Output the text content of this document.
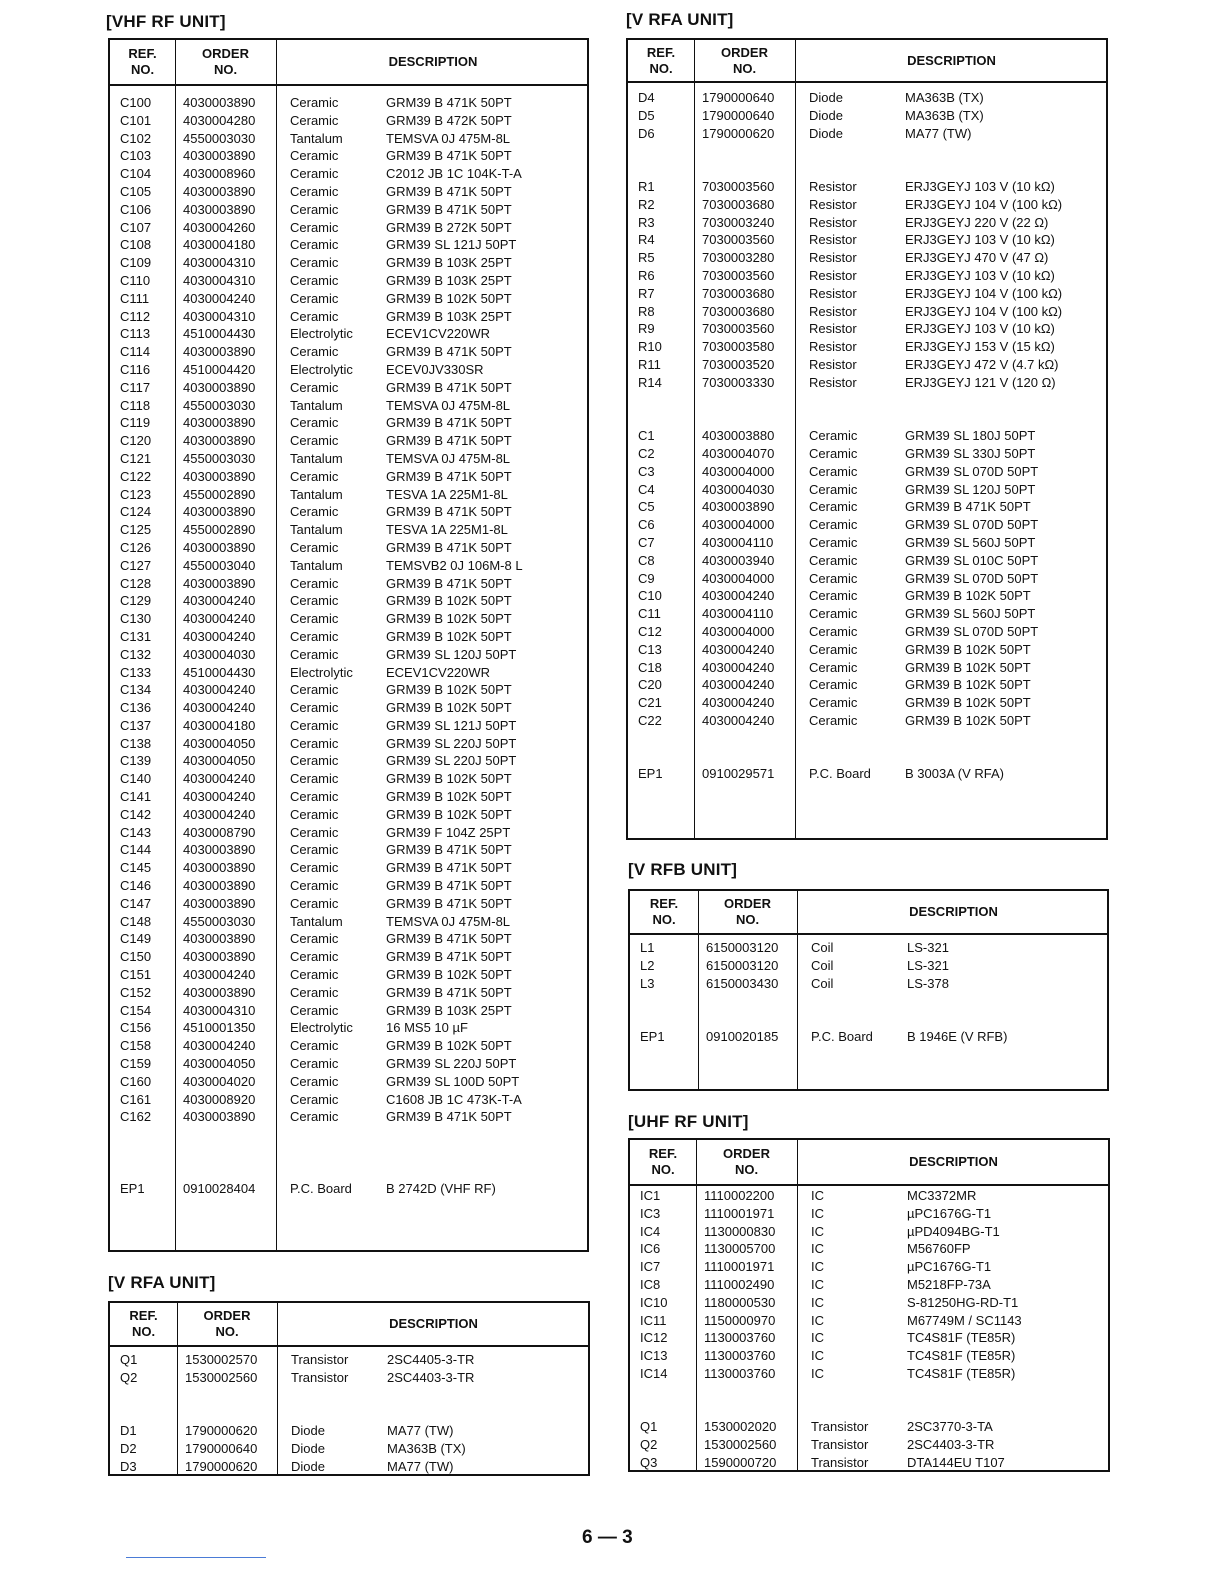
[VHF RF UNIT]	[V RFA UNIT]
[V RFA UNIT]
[V RFB UNIT]
[UHF RF UNIT]
REF.
NO.
ORDER
NO.
DESCRIPTION
C100 4030003890	Ceramic	GRM39 B 471K 50PT
C101 4030004280	Ceramic	GRM39 B 472K 50PT
C102 4550003030	Tantalum	TEMSVA 0J 475M-8L
C103 4030003890	Ceramic	GRM39 B 471K 50PT
C104 4030008960	Ceramic	C2012 JB 1C 104K-T-A
C105 4030003890	Ceramic	GRM39 B 471K 50PT
C106 4030003890	Ceramic	GRM39 B 471K 50PT
C107 4030004260	Ceramic	GRM39 B 272K 50PT
C108 4030004180	Ceramic	GRM39 SL 121J 50PT
C109 4030004310	Ceramic	GRM39 B 103K 25PT
C110	4030004310	Ceramic	GRM39 B 103K 25PT
C111	4030004240	Ceramic	GRM39 B 102K 50PT
C112	4030004310	Ceramic	GRM39 B 103K 25PT
C113	4510004430	Electrolytic	ECEV1CV220WR
C114	4030003890	Ceramic	GRM39 B 471K 50PT
C116	4510004420	Electrolytic	ECEV0JV330SR
C117	4030003890	Ceramic	GRM39 B 471K 50PT
C118	4550003030	Tantalum	TEMSVA 0J 475M-8L
C119	4030003890	Ceramic	GRM39 B 471K 50PT
C120 4030003890	Ceramic	GRM39 B 471K 50PT
C121 4550003030	Tantalum	TEMSVA 0J 475M-8L
C122 4030003890	Ceramic	GRM39 B 471K 50PT
C123 4550002890	Tantalum	TESVA 1A 225M1-8L
C124 4030003890	Ceramic	GRM39 B 471K 50PT
C125 4550002890	Tantalum	TESVA 1A 225M1-8L
C126 4030003890	Ceramic	GRM39 B 471K 50PT
C127 4550003040	Tantalum	TEMSVB2 0J 106M-8 L
C128 4030003890	Ceramic	GRM39 B 471K 50PT
C129 4030004240	Ceramic	GRM39 B 102K 50PT
C130 4030004240	Ceramic	GRM39 B 102K 50PT
C131 4030004240	Ceramic	GRM39 B 102K 50PT
C132 4030004030	Ceramic	GRM39 SL 120J 50PT
C133 4510004430	Electrolytic	ECEV1CV220WR
C134 4030004240	Ceramic	GRM39 B 102K 50PT
C136 4030004240	Ceramic	GRM39 B 102K 50PT
C137 4030004180	Ceramic	GRM39 SL 121J 50PT
C138 4030004050	Ceramic	GRM39 SL 220J 50PT
C139 4030004050	Ceramic	GRM39 SL 220J 50PT
C140 4030004240	Ceramic	GRM39 B 102K 50PT
C141 4030004240	Ceramic	GRM39 B 102K 50PT
C142 4030004240	Ceramic	GRM39 B 102K 50PT
C143 4030008790	Ceramic	GRM39 F 104Z 25PT
C144 4030003890	Ceramic	GRM39 B 471K 50PT
C145 4030003890	Ceramic	GRM39 B 471K 50PT
C146 4030003890	Ceramic	GRM39 B 471K 50PT
C147 4030003890	Ceramic	GRM39 B 471K 50PT
C148 4550003030	Tantalum	TEMSVA 0J 475M-8L
C149 4030003890	Ceramic	GRM39 B 471K 50PT
C150 4030003890	Ceramic	GRM39 B 471K 50PT
C151 4030004240	Ceramic	GRM39 B 102K 50PT
C152 4030003890	Ceramic	GRM39 B 471K 50PT
C154 4030004310	Ceramic	GRM39 B 103K 25PT
C156 4510001350	Electrolytic	16 MS5 10 µF
C158 4030004240	Ceramic	GRM39 B 102K 50PT
C159 4030004050	Ceramic	GRM39 SL 220J 50PT
C160 4030004020	Ceramic	GRM39 SL 100D 50PT
C161 4030008920	Ceramic	C1608 JB 1C 473K-T-A
C162 4030003890	Ceramic	GRM39 B 471K 50PT
EP1	0910028404	P.C. Board	B 2742D (VHF RF)
REF.
NO.
ORDER
NO.
DESCRIPTION
D4	1790000640	Diode	MA363B (TX)
D5	1790000640	Diode	MA363B (TX)
D6	1790000620	Diode	MA77 (TW)
R1	7030003560	Resistor	ERJ3GEYJ 103 V (10 kΩ)
R2	7030003680	Resistor	ERJ3GEYJ 104 V (100 kΩ)
R3	7030003240	Resistor	ERJ3GEYJ 220 V (22 Ω)
R4	7030003560	Resistor	ERJ3GEYJ 103 V (10 kΩ)
R5	7030003280	Resistor	ERJ3GEYJ 470 V (47 Ω)
R6	7030003560	Resistor	ERJ3GEYJ 103 V (10 kΩ)
R7	7030003680	Resistor	ERJ3GEYJ 104 V (100 kΩ)
R8	7030003680	Resistor	ERJ3GEYJ 104 V (100 kΩ)
R9	7030003560	Resistor	ERJ3GEYJ 103 V (10 kΩ)
R10	7030003580	Resistor	ERJ3GEYJ 153 V (15 kΩ)
R11	7030003520	Resistor	ERJ3GEYJ 472 V (4.7 kΩ)
R14	7030003330	Resistor	ERJ3GEYJ 121 V (120 Ω)
C1	4030003880	Ceramic	GRM39 SL 180J 50PT
C2	4030004070	Ceramic	GRM39 SL 330J 50PT
C3	4030004000	Ceramic	GRM39 SL 070D 50PT
C4	4030004030	Ceramic	GRM39 SL 120J 50PT
C5	4030003890	Ceramic	GRM39 B 471K 50PT
C6	4030004000	Ceramic	GRM39 SL 070D 50PT
C7	4030004110	Ceramic	GRM39 SL 560J 50PT
C8	4030003940	Ceramic	GRM39 SL 010C 50PT
C9	4030004000	Ceramic	GRM39 SL 070D 50PT
C10	4030004240	Ceramic	GRM39 B 102K 50PT
C11	4030004110	Ceramic	GRM39 SL 560J 50PT
C12	4030004000	Ceramic	GRM39 SL 070D 50PT
C13	4030004240	Ceramic	GRM39 B 102K 50PT
C18	4030004240	Ceramic	GRM39 B 102K 50PT
C20	4030004240	Ceramic	GRM39 B 102K 50PT
C21	4030004240	Ceramic	GRM39 B 102K 50PT
C22	4030004240	Ceramic	GRM39 B 102K 50PT
EP1	0910029571	P.C. Board	B 3003A (V RFA)
REF.
NO.
ORDER
NO.
DESCRIPTION
Q1	1530002570	Transistor	2SC4405-3-TR
Q2	1530002560	Transistor	2SC4403-3-TR
D1	1790000620	Diode	MA77 (TW)
D2	1790000640	Diode	MA363B (TX)
D3	1790000620	Diode	MA77 (TW)
REF.
NO.
ORDER
NO.
DESCRIPTION
L1	6150003120	Coil	LS-321
L2	6150003120	Coil	LS-321
L3	6150003430	Coil	LS-378
EP1	0910020185	P.C. Board	B 1946E (V RFB)
REF.
NO.
ORDER
NO.
DESCRIPTION
IC1	1110002200	IC	MC3372MR
IC3	1110001971	IC	µPC1676G-T1
IC4	1130000830	IC	µPD4094BG-T1
IC6	1130005700	IC	M56760FP
IC7	1110001971	IC	µPC1676G-T1
IC8	1110002490	IC	M5218FP-73A
IC10	1180000530	IC	S-81250HG-RD-T1
IC11	1150000970	IC	M67749M / SC1143
IC12	1130003760	IC	TC4S81F (TE85R)
IC13	1130003760	IC	TC4S81F (TE85R)
IC14	1130003760	IC	TC4S81F (TE85R)
Q1	1530002020	Transistor	2SC3770-3-TA
Q2	1530002560	Transistor	2SC4403-3-TR
Q3	1590000720	Transistor	DTA144EU T107
6 — 3
